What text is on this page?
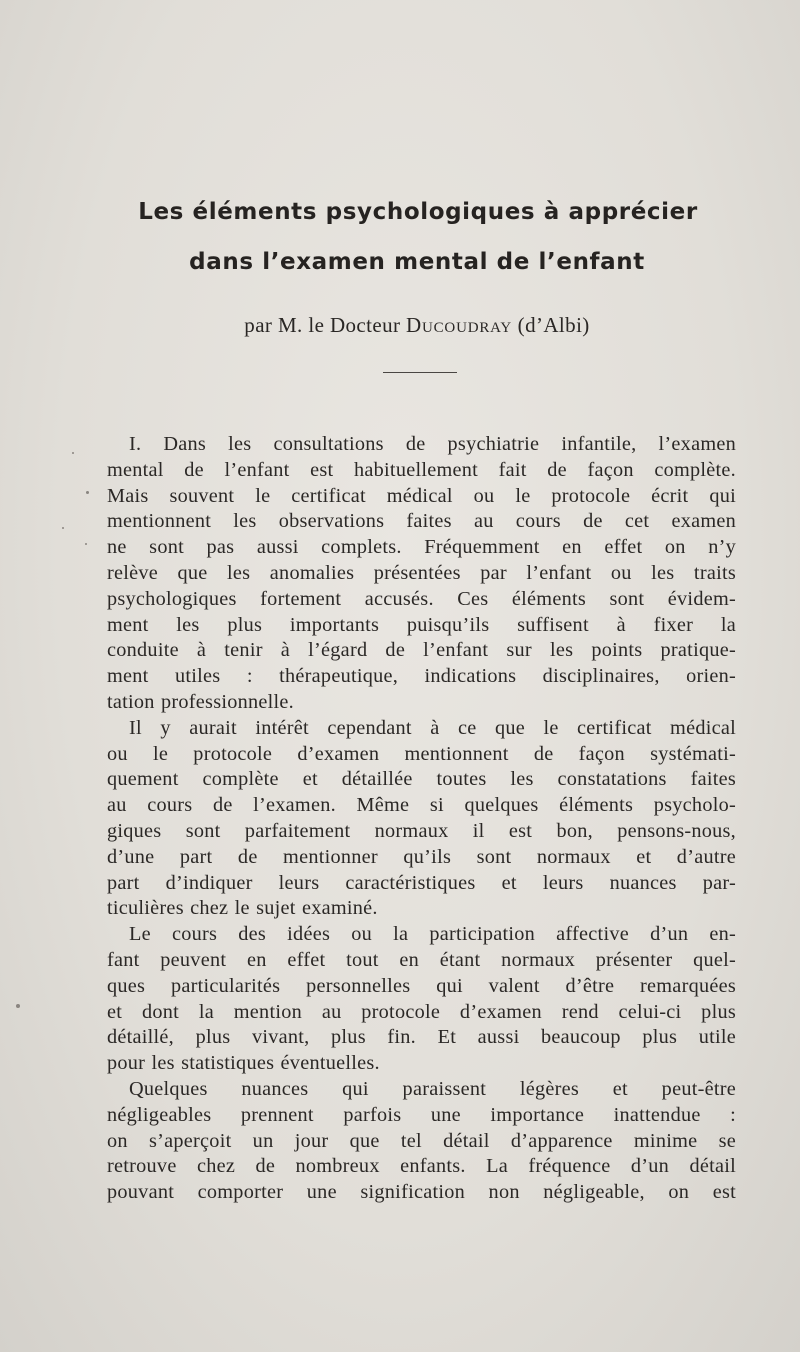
Les éléments psychologiques à apprécier
dans l’examen mental de l’enfant

par M. le Docteur Ducoudray (d’Albi)

I. Dans les consultations de psychiatrie infantile, l’examen
mental de l’enfant est habituellement fait de façon complète.
Mais souvent le certificat médical ou le protocole écrit qui
mentionnent les observations faites au cours de cet examen
ne sont pas aussi complets. Fréquemment en effet on n’y
relève que les anomalies présentées par l’enfant ou les traits
psychologiques fortement accusés. Ces éléments sont évidem-
ment les plus importants puisqu’ils suffisent à fixer la
conduite à tenir à l’égard de l’enfant sur les points pratique-
ment utiles : thérapeutique, indications disciplinaires, orien-
tation professionnelle.
Il y aurait intérêt cependant à ce que le certificat médical
ou le protocole d’examen mentionnent de façon systémati-
quement complète et détaillée toutes les constatations faites
au cours de l’examen. Même si quelques éléments psycholo-
giques sont parfaitement normaux il est bon, pensons-nous,
d’une part de mentionner qu’ils sont normaux et d’autre
part d’indiquer leurs caractéristiques et leurs nuances par-
ticulières chez le sujet examiné.
Le cours des idées ou la participation affective d’un en-
fant peuvent en effet tout en étant normaux présenter quel-
ques particularités personnelles qui valent d’être remarquées
et dont la mention au protocole d’examen rend celui-ci plus
détaillé, plus vivant, plus fin. Et aussi beaucoup plus utile
pour les statistiques éventuelles.
Quelques nuances qui paraissent légères et peut-être
négligeables prennent parfois une importance inattendue :
on s’aperçoit un jour que tel détail d’apparence minime se
retrouve chez de nombreux enfants. La fréquence d’un détail
pouvant comporter une signification non négligeable, on est
